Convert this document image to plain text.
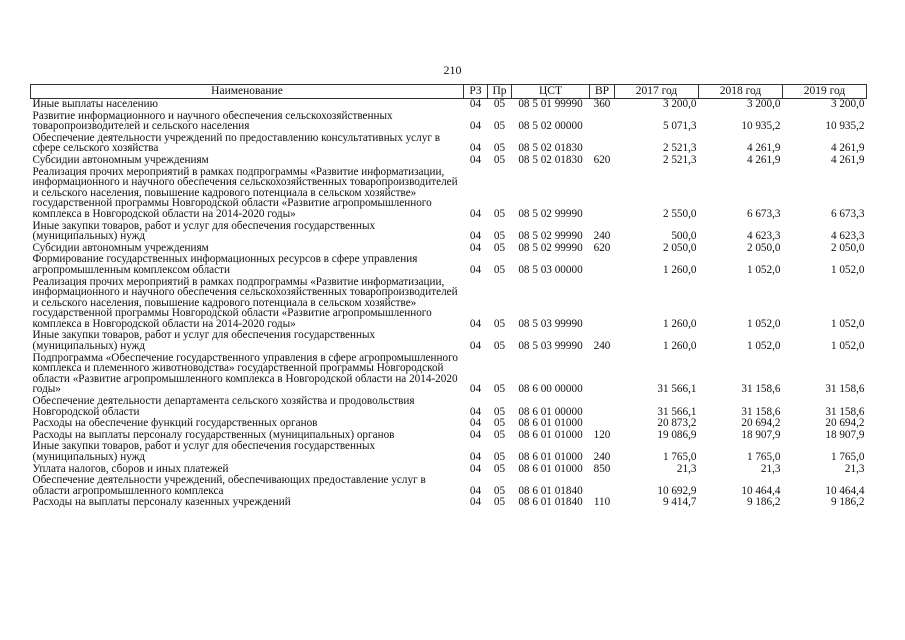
210
Наименование	РЗ	Пр	ЦСТ	ВР	2017 год	2018 год	2019 год
Иные выплаты населению	04	05	08 5 01 99990	360	3 200,0	3 200,0	3 200,0
Развитие информационного и научного обеспечения сельскохозяйственных товаропроизводителей и сельского населения	04	05	08 5 02 00000		5 071,3	10 935,2	10 935,2
Обеспечение деятельности учреждений по предоставлению консультативных услуг в сфере сельского хозяйства	04	05	08 5 02 01830		2 521,3	4 261,9	4 261,9
Субсидии автономным учреждениям	04	05	08 5 02 01830	620	2 521,3	4 261,9	4 261,9
Реализация прочих мероприятий в рамках подпрограммы «Развитие информатизации, информационного и научного обеспечения сельскохозяйственных товаропроизводителей и сельского населения, повышение кадрового потенциала в сельском хозяйстве» государственной программы Новгородской области «Развитие агропромышленного комплекса в Новгородской области на 2014-2020 годы»	04	05	08 5 02 99990		2 550,0	6 673,3	6 673,3
Иные закупки товаров, работ и услуг для обеспечения государственных (муниципальных) нужд	04	05	08 5 02 99990	240	500,0	4 623,3	4 623,3
Субсидии автономным учреждениям	04	05	08 5 02 99990	620	2 050,0	2 050,0	2 050,0
Формирование государственных информационных ресурсов в сфере управления агропромышленным комплексом области	04	05	08 5 03 00000		1 260,0	1 052,0	1 052,0
Реализация прочих мероприятий в рамках подпрограммы «Развитие информатизации, информационного и научного обеспечения сельскохозяйственных товаропроизводителей и сельского населения, повышение кадрового потенциала в сельском хозяйстве» государственной программы Новгородской области «Развитие агропромышленного комплекса в Новгородской области на 2014-2020 годы»	04	05	08 5 03 99990		1 260,0	1 052,0	1 052,0
Иные закупки товаров, работ и услуг для обеспечения государственных (муниципальных) нужд	04	05	08 5 03 99990	240	1 260,0	1 052,0	1 052,0
Подпрограмма «Обеспечение государственного управления в сфере агропромышленного комплекса и племенного животноводства» государственной программы Новгородской области «Развитие агропромышленного комплекса в Новгородской области на 2014-2020 годы»	04	05	08 6 00 00000		31 566,1	31 158,6	31 158,6
Обеспечение деятельности департамента сельского хозяйства и продовольствия Новгородской области	04	05	08 6 01 00000		31 566,1	31 158,6	31 158,6
Расходы на обеспечение функций государственных органов	04	05	08 6 01 01000		20 873,2	20 694,2	20 694,2
Расходы на выплаты персоналу государственных (муниципальных) органов	04	05	08 6 01 01000	120	19 086,9	18 907,9	18 907,9
Иные закупки товаров, работ и услуг для обеспечения государственных (муниципальных) нужд	04	05	08 6 01 01000	240	1 765,0	1 765,0	1 765,0
Уплата налогов, сборов и иных платежей	04	05	08 6 01 01000	850	21,3	21,3	21,3
Обеспечение деятельности учреждений, обеспечивающих предоставление услуг в области агропромышленного комплекса	04	05	08 6 01 01840		10 692,9	10 464,4	10 464,4
Расходы на выплаты персоналу казенных учреждений	04	05	08 6 01 01840	110	9 414,7	9 186,2	9 186,2
